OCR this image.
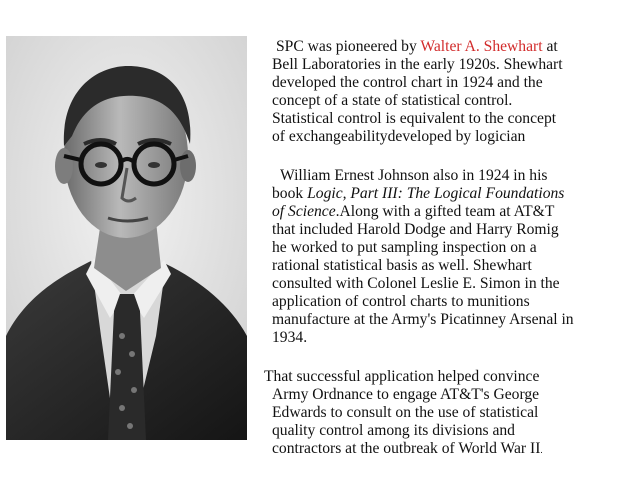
SPC was pioneered by Walter A. Shewhart at
Bell Laboratories in the early 1920s. Shewhart
developed the control chart in 1924 and the
concept of a state of statistical control.
Statistical control is equivalent to the concept
of exchangeabilitydeveloped by logician

William Ernest Johnson also in 1924 in his
book Logic, Part III: The Logical Foundations
of Science.Along with a gifted team at AT&T
that included Harold Dodge and Harry Romig
he worked to put sampling inspection on a
rational statistical basis as well. Shewhart
consulted with Colonel Leslie E. Simon in the
application of control charts to munitions
manufacture at the Army's Picatinney Arsenal in
1934.

That successful application helped convince
Army Ordnance to engage AT&T's George
Edwards to consult on the use of statistical
quality control among its divisions and
contractors at the outbreak of World War II.
